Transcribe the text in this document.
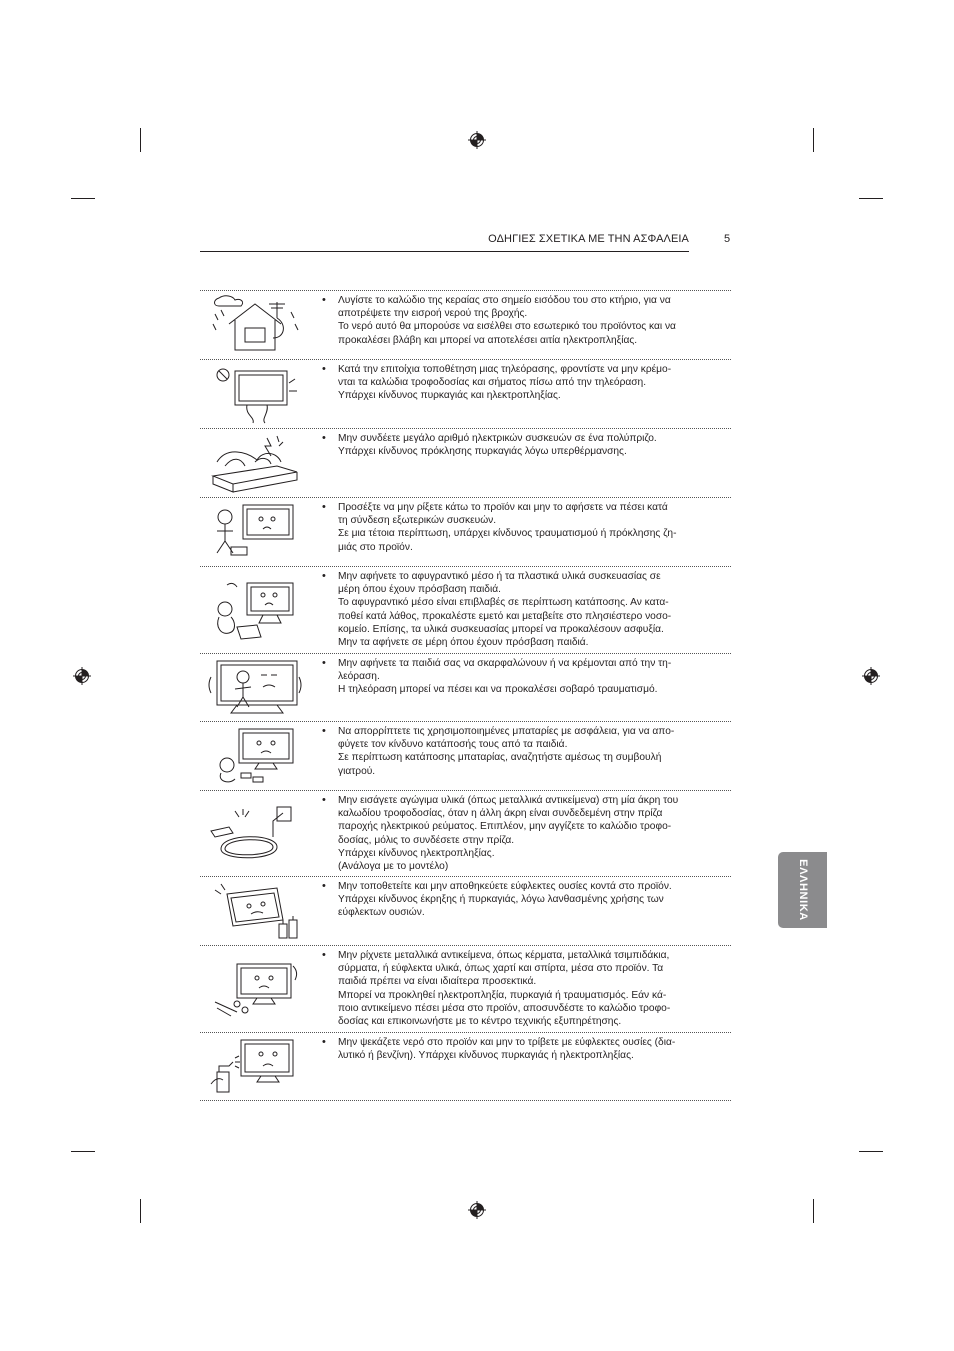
ΟΔΗΓΙΕΣ ΣΧΕΤΙΚΑ ΜΕ ΤΗΝ ΑΣΦΑΛΕΙΑ	5
ΕΛΛΗΝΙΚΑ
•	Λυγίστε το καλώδιο της κεραίας στο σημείο εισόδου του στο κτήριο, για να
αποτρέψετε την εισροή νερού της βροχής.
Το νερό αυτό θα μπορούσε να εισέλθει στο εσωτερικό του προϊόντος και να
προκαλέσει βλάβη και μπορεί να αποτελέσει αιτία ηλεκτροπληξίας.
•	Κατά την επιτοίχια τοποθέτηση μιας τηλεόρασης, φροντίστε να μην κρέμο-
νται τα καλώδια τροφοδοσίας και σήματος πίσω από την τηλεόραση.
Υπάρχει κίνδυνος πυρκαγιάς και ηλεκτροπληξίας.
•	Μην συνδέετε μεγάλο αριθμό ηλεκτρικών συσκευών σε ένα πολύπριζο.
Υπάρχει κίνδυνος πρόκλησης πυρκαγιάς λόγω υπερθέρμανσης.
•	Προσέξτε να μην ρίξετε κάτω το προϊόν και μην το αφήσετε να πέσει κατά
τη σύνδεση εξωτερικών συσκευών.
Σε μια τέτοια περίπτωση, υπάρχει κίνδυνος τραυματισμού ή πρόκλησης ζη-
μιάς στο προϊόν.
•	Μην αφήνετε το αφυγραντικό μέσο ή τα πλαστικά υλικά συσκευασίας σε
μέρη όπου έχουν πρόσβαση παιδιά.
Το αφυγραντικό μέσο είναι επιβλαβές σε περίπτωση κατάποσης. Αν κατα-
ποθεί κατά λάθος, προκαλέστε εμετό και μεταβείτε στο πλησιέστερο νοσο-
κομείο. Επίσης, τα υλικά συσκευασίας μπορεί να προκαλέσουν ασφυξία.
Μην τα αφήνετε σε μέρη όπου έχουν πρόσβαση παιδιά.
•	Μην αφήνετε τα παιδιά σας να σκαρφαλώνουν ή να κρέμονται από την τη-
λεόραση.
Η τηλεόραση μπορεί να πέσει και να προκαλέσει σοβαρό τραυματισμό.
•	Να απορρίπτετε τις χρησιμοποιημένες μπαταρίες με ασφάλεια, για να απο-
φύγετε τον κίνδυνο κατάποσής τους από τα παιδιά.
Σε περίπτωση κατάποσης μπαταρίας, αναζητήστε αμέσως τη συμβουλή
γιατρού.
•	Μην εισάγετε αγώγιμα υλικά (όπως μεταλλικά αντικείμενα) στη μία άκρη του
καλωδίου τροφοδοσίας, όταν η άλλη άκρη είναι συνδεδεμένη στην πρίζα
παροχής ηλεκτρικού ρεύματος. Επιπλέον, μην αγγίζετε το καλώδιο τροφο-
δοσίας, μόλις το συνδέσετε στην πρίζα.
Υπάρχει κίνδυνος ηλεκτροπληξίας.
(Ανάλογα με το μοντέλο)
•	Μην τοποθετείτε και μην αποθηκεύετε εύφλεκτες ουσίες κοντά στο προϊόν.
Υπάρχει κίνδυνος έκρηξης ή πυρκαγιάς, λόγω λανθασμένης χρήσης των
εύφλεκτων ουσιών.
•	Μην ρίχνετε μεταλλικά αντικείμενα, όπως κέρματα, μεταλλικά τσιμπιδάκια,
σύρματα, ή εύφλεκτα υλικά, όπως χαρτί και σπίρτα, μέσα στο προϊόν. Τα
παιδιά πρέπει να είναι ιδιαίτερα προσεκτικά.
Μπορεί να προκληθεί ηλεκτροπληξία, πυρκαγιά ή τραυματισμός. Εάν κά-
ποιο αντικείμενο πέσει μέσα στο προϊόν, αποσυνδέστε το καλώδιο τροφο-
δοσίας και επικοινωνήστε με το κέντρο τεχνικής εξυπηρέτησης.
•	Μην ψεκάζετε νερό στο προϊόν και μην το τρίβετε με εύφλεκτες ουσίες (δια-
λυτικό ή βενζίνη). Υπάρχει κίνδυνος πυρκαγιάς ή ηλεκτροπληξίας.
